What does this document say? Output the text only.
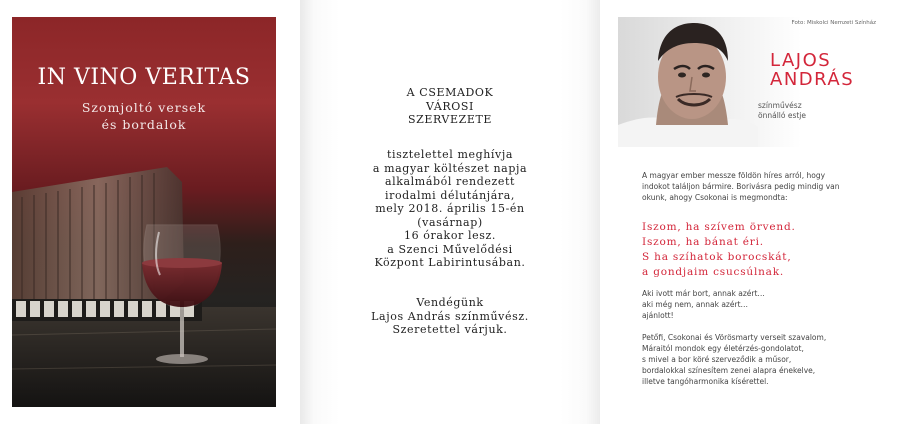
IN VINO VERITAS
Szomjoltó versek
és bordalok
A CSEMADOK
VÁROSI
SZERVEZETE
tisztelettel meghívja
a magyar költészet napja
alkalmából rendezett
irodalmi délutánjára,
mely 2018. április 15-én
(vasárnap)
16 órakor lesz.
a Szenci Művelődési
Központ Labirintusában.
Vendégünk
Lajos András színművész.
Szeretettel várjuk.
Foto: Miskolci Nemzeti Színház
LAJOS
ANDRÁS
színművész
önnálló estje
A magyar ember messze földön híres arról, hogy
indokot találjon bármire. Borivásra pedig mindig van
okunk, ahogy Csokonai is megmondta:
Iszom, ha szívem örvend.
Iszom, ha bánat éri.
S ha szíhatok borocskát,
a gondjaim csucsúlnak.
Aki ivott már bort, annak azért…
aki még nem, annak azért…
ajánlott!
Petőfi, Csokonai és Vörösmarty verseit szavalom,
Máraitól mondok egy életérzés-gondolatot,
s mivel a bor köré szerveződik a műsor,
bordalokkal színesítem zenei alapra énekelve,
illetve tangóharmonika kísérettel.
